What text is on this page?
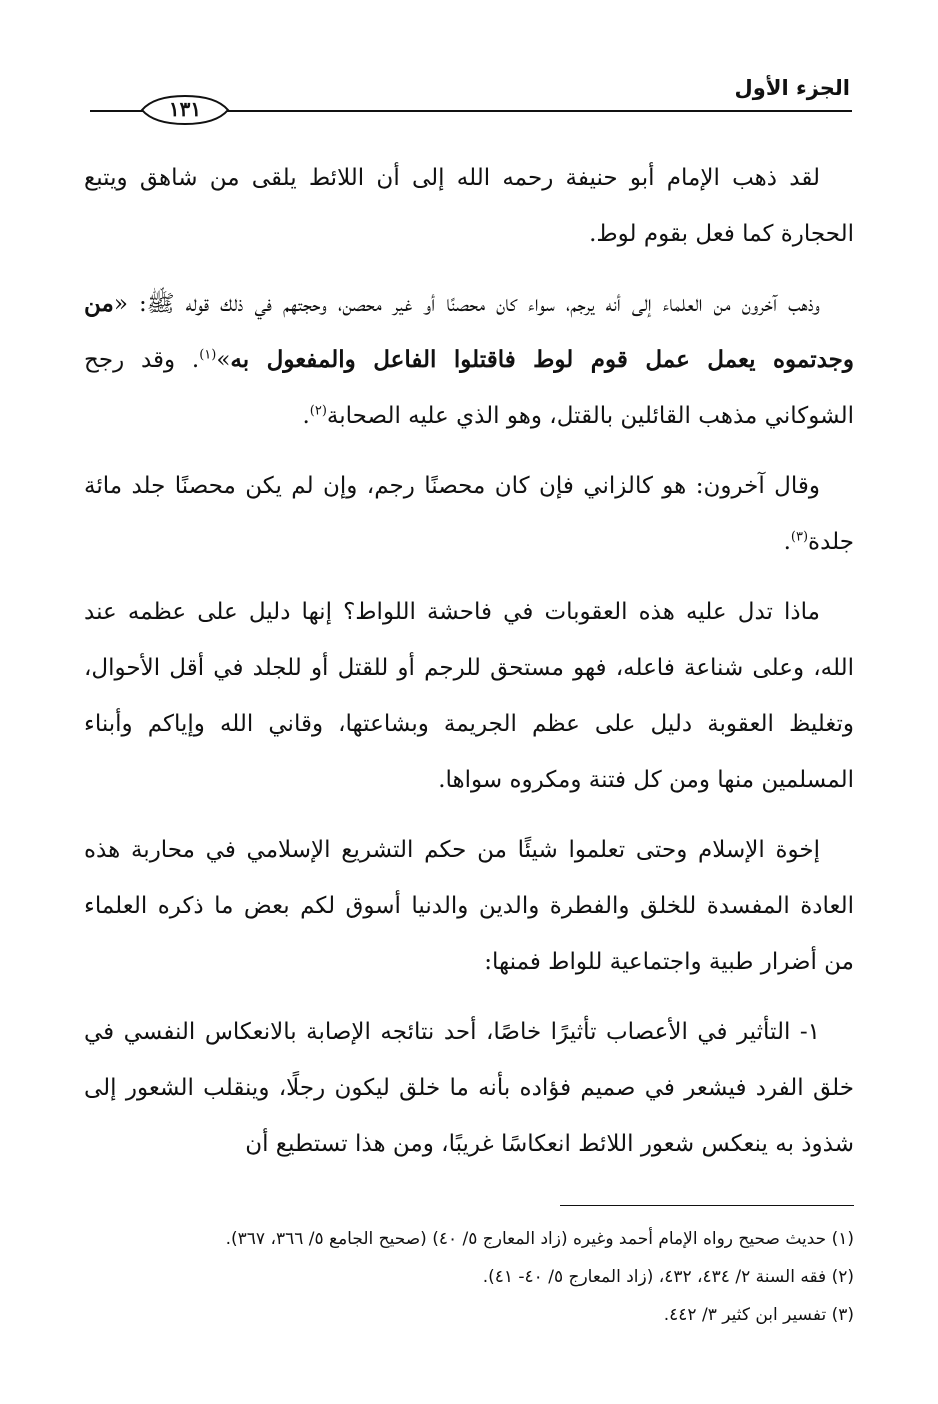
الجزء الأول
١٣١

لقد ذهب الإمام أبو حنيفة رحمه الله إلى أن اللائط يلقى من شاهق ويتبع الحجارة كما فعل بقوم لوط.

وذهب آخرون من العلماء إلى أنه يرجم، سواء كان محصنًا أو غير محصن، وحجتهم في ذلك قوله ﷺ: «من وجدتموه يعمل عمل قوم لوط فاقتلوا الفاعل والمفعول به»$^{(١)}$. وقد رجح الشوكاني مذهب القائلين بالقتل، وهو الذي عليه الصحابة$^{(٢)}$.

وقال آخرون: هو كالزاني فإن كان محصنًا رجم، وإن لم يكن محصنًا جلد مائة جلدة$^{(٣)}$.

ماذا تدل عليه هذه العقوبات في فاحشة اللواط؟ إنها دليل على عظمه عند الله، وعلى شناعة فاعله، فهو مستحق للرجم أو للقتل أو للجلد في أقل الأحوال، وتغليظ العقوبة دليل على عظم الجريمة وبشاعتها، وقاني الله وإياكم وأبناء المسلمين منها ومن كل فتنة ومكروه سواها.

إخوة الإسلام وحتى تعلموا شيئًا من حكم التشريع الإسلامي في محاربة هذه العادة المفسدة للخلق والفطرة والدين والدنيا أسوق لكم بعض ما ذكره العلماء من أضرار طبية واجتماعية للواط فمنها:

١- التأثير في الأعصاب تأثيرًا خاصًا، أحد نتائجه الإصابة بالانعكاس النفسي في خلق الفرد فيشعر في صميم فؤاده بأنه ما خلق ليكون رجلًا، وينقلب الشعور إلى شذوذ به ينعكس شعور اللائط انعكاسًا غريبًا، ومن هذا تستطيع أن

(١) حديث صحيح رواه الإمام أحمد وغيره (زاد المعارج ٥/ ٤٠) (صحيح الجامع ٥/ ٣٦٦، ٣٦٧).
(٢) فقه السنة ٢/ ٤٣٤، ٤٣٢، (زاد المعارج ٥/ ٤٠- ٤١).
(٣) تفسير ابن كثير ٣/ ٤٤٢.
